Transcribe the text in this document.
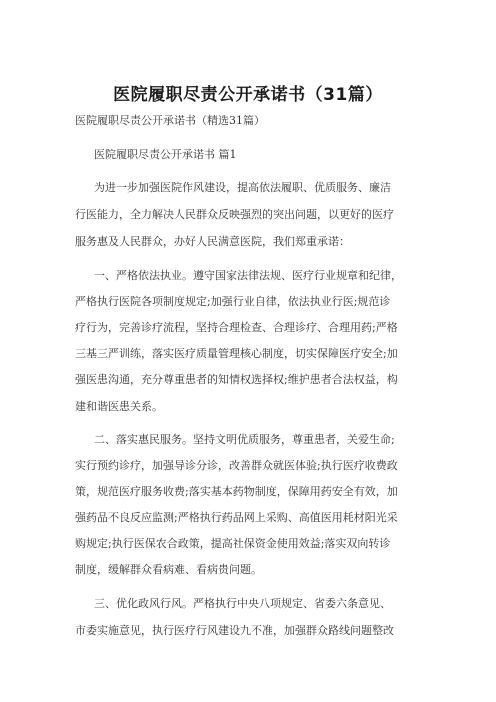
医院履职尽责公开承诺书（31篇）
医院履职尽责公开承诺书（精选31篇）
医院履职尽责公开承诺书 篇1
为进一步加强医院作风建设，提高依法履职、优质服务、廉洁
行医能力，全力解决人民群众反映强烈的突出问题，以更好的医疗
服务惠及人民群众，办好人民满意医院，我们郑重承诺：
一、严格依法执业。遵守国家法律法规、医疗行业规章和纪律，
严格执行医院各项制度规定;加强行业自律，依法执业行医;规范诊
疗行为，完善诊疗流程，坚持合理检查、合理诊疗、合理用药;严格
三基三严训练，落实医疗质量管理核心制度，切实保障医疗安全;加
强医患沟通，充分尊重患者的知情权选择权;维护患者合法权益，构
建和谐医患关系。
二、落实惠民服务。坚持文明优质服务，尊重患者，关爱生命;
实行预约诊疗，加强导诊分诊，改善群众就医体验;执行医疗收费政
策，规范医疗服务收费;落实基本药物制度，保障用药安全有效，加
强药品不良反应监测;严格执行药品网上采购、高值医用耗材阳光采
购规定;执行医保农合政策，提高社保资金使用效益;落实双向转诊
制度，缓解群众看病难、看病贵问题。
三、优化政风行风。严格执行中央八项规定、省委六条意见、
市委实施意见，执行医疗行风建设九不准，加强群众路线问题整改
